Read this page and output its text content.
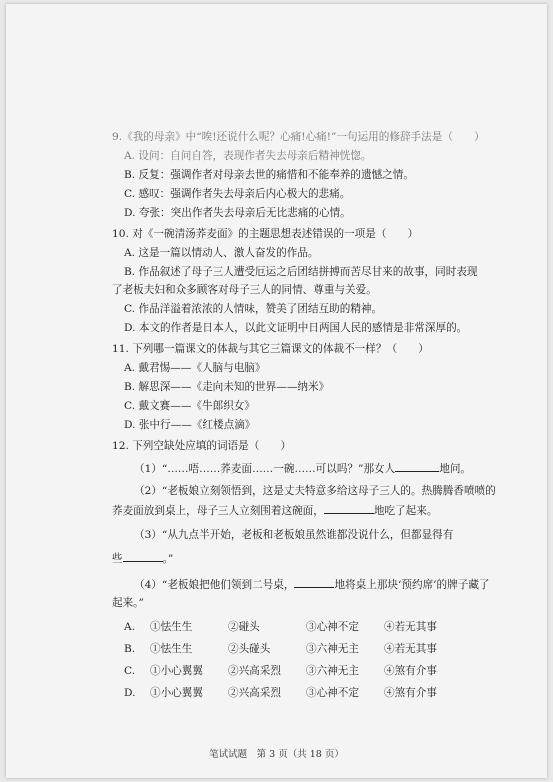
9.《我的母亲》中“唉!还说什么呢？心痛!心痛!”一句运用的修辞手法是（　　）
A. 设问：自问自答，表现作者失去母亲后精神恍惚。
B. 反复：强调作者对母亲去世的痛惜和不能奉养的遗憾之情。
C. 感叹：强调作者失去母亲后内心极大的悲痛。
D. 夸张：突出作者失去母亲后无比悲痛的心情。
10. 对《一碗清汤荞麦面》的主题思想表述错误的一项是（　　）
A. 这是一篇以情动人、激人奋发的作品。
B. 作品叙述了母子三人遭受厄运之后团结拼搏而苦尽甘来的故事，同时表现
了老板夫妇和众多顾客对母子三人的同情、尊重与关爱。
C. 作品洋溢着浓浓的人情味，赞美了团结互助的精神。
D. 本文的作者是日本人，以此文证明中日两国人民的感情是非常深厚的。
11. 下列哪一篇课文的体裁与其它三篇课文的体裁不一样？（　　）
A. 戴君惕——《人脑与电脑》
B. 解思深——《走向未知的世界——纳米》
C. 戴文赛——《牛郎织女》
D. 张中行——《红楼点滴》
12. 下列空缺处应填的词语是（　　）
（1）“……唔……荞麦面……一碗……可以吗？”那女人	地问。
（2）“老板娘立刻领悟到，这是丈夫特意多给这母子三人的。热腾腾香喷喷的
荞麦面放到桌上，母子三人立刻围着这碗面，	地吃了起来。
（3）“从九点半开始，老板和老板娘虽然谁都没说什么，但都显得有
些	。”
（4）“老板娘把他们领到二号桌，	地将桌上那块‘预约席’的牌子藏了
起来。”
A.	①怯生生	②碰头	③心神不定	④若无其事
B.	①怯生生	②头碰头	③六神无主	④若无其事
C.	①小心翼翼	②兴高采烈	③六神无主	④煞有介事
D.	①小心翼翼	②兴高采烈	③心神不定	④煞有介事
笔试试题　第 3 页（共 18 页）
